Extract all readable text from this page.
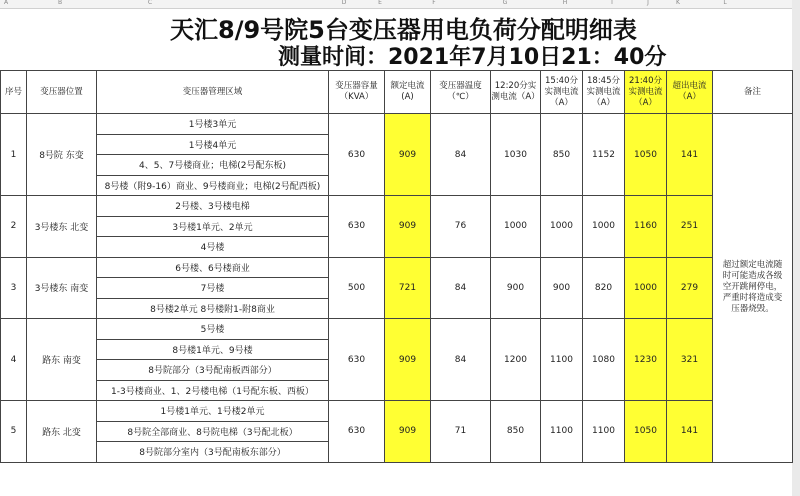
A	B	C	D	E	F	G	H	I	J	K	L
天汇8/9号院5台变压器用电负荷分配明细表
测量时间：2021年7月10日21：40分
序号	变压器位置	变压器管理区域	变压器容量（KVA）	额定电流(A)	变压器温度（℃）	12:20分实测电流（A）	15:40分实测电流（A）	18:45分实测电流（A）	21:40分实测电流（A）	超出电流（A）	备注
1	8号院 东变	1号楼3单元	630	909	84	1030	850	1152	1050	141	超过额定电流随时可能造成各级空开跳闸停电，严重时将造成变压器烧毁。
		1号楼4单元									
		4、5、7号楼商业；电梯(2号配东板)									
		8号楼（附9-16）商业、9号楼商业；电梯(2号配西板)									
2	3号楼东 北变	2号楼、3号楼电梯	630	909	76	1000	1000	1000	1160	251	
		3号楼1单元、2单元									
		4号楼									
3	3号楼东 南变	6号楼、6号楼商业	500	721	84	900	900	820	1000	279	
		7号楼									
		8号楼2单元 8号楼附1-附8商业									
4	路东 南变	5号楼	630	909	84	1200	1100	1080	1230	321	
		8号楼1单元、9号楼									
		8号院部分（3号配南板西部分）									
		1-3号楼商业、1、2号楼电梯（1号配东板、西板）									
5	路东 北变	1号楼1单元、1号楼2单元	630	909	71	850	1100	1100	1050	141	
		8号院全部商业、8号院电梯（3号配北板）									
		8号院部分室内（3号配南板东部分）									
